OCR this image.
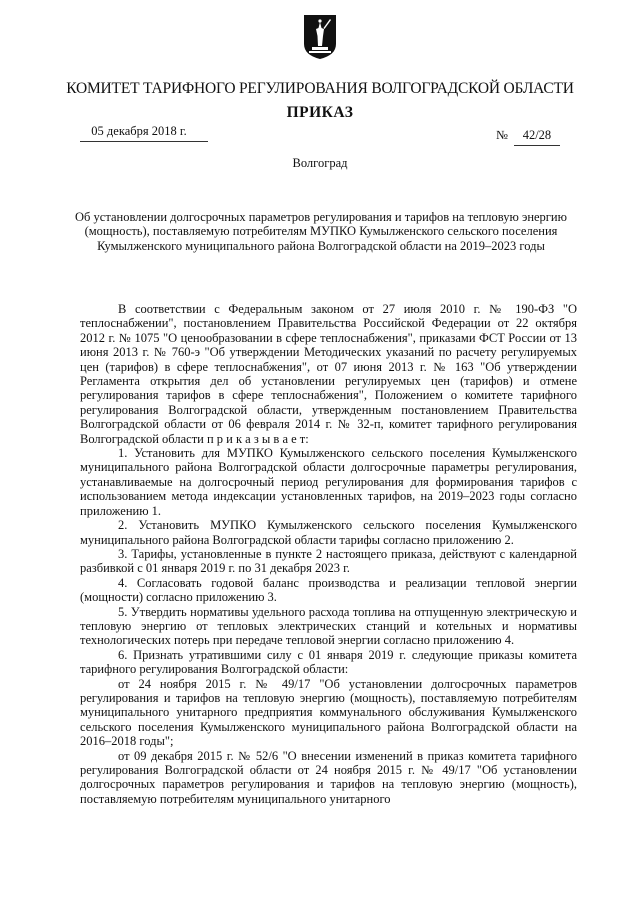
КОМИТЕТ ТАРИФНОГО РЕГУЛИРОВАНИЯ ВОЛГОГРАДСКОЙ ОБЛАСТИ
ПРИКАЗ
05 декабря 2018 г.	№ 42/28
Волгоград
Об установлении долгосрочных параметров регулирования и тарифов на тепловую энергию (мощность), поставляемую потребителям МУПКО Кумылженского сельского поселения Кумылженского муниципального района Волгоградской области на 2019–2023 годы

В соответствии с Федеральным законом от 27 июля 2010 г. № 190-ФЗ "О теплоснабжении", постановлением Правительства Российской Федерации от 22 октября 2012 г. № 1075 "О ценообразовании в сфере теплоснабжения", приказами ФСТ России от 13 июня 2013 г. № 760-э "Об утверждении Методических указаний по расчету регулируемых цен (тарифов) в сфере теплоснабжения", от 07 июня 2013 г. № 163 "Об утверждении Регламента открытия дел об установлении регулируемых цен (тарифов) и отмене регулирования тарифов в сфере теплоснабжения", Положением о комитете тарифного регулирования Волгоградской области, утвержденным постановлением Правительства Волгоградской области от 06 февраля 2014 г. № 32-п, комитет тарифного регулирования Волгоградской области п р и к а з ы в а е т:

1. Установить для МУПКО Кумылженского сельского поселения Кумылженского муниципального района Волгоградской области долгосрочные параметры регулирования, устанавливаемые на долгосрочный период регулирования для формирования тарифов с использованием метода индексации установленных тарифов, на 2019–2023 годы согласно приложению 1.

2. Установить МУПКО Кумылженского сельского поселения Кумылженского муниципального района Волгоградской области тарифы согласно приложению 2.

3. Тарифы, установленные в пункте 2 настоящего приказа, действуют с календарной разбивкой с 01 января 2019 г. по 31 декабря 2023 г.

4. Согласовать годовой баланс производства и реализации тепловой энергии (мощности) согласно приложению 3.

5. Утвердить нормативы удельного расхода топлива на отпущенную электрическую и тепловую энергию от тепловых электрических станций и котельных и нормативы технологических потерь при передаче тепловой энергии согласно приложению 4.

6. Признать утратившими силу с 01 января 2019 г. следующие приказы комитета тарифного регулирования Волгоградской области:

от 24 ноября 2015 г. № 49/17 "Об установлении долгосрочных параметров регулирования и тарифов на тепловую энергию (мощность), поставляемую потребителям муниципального унитарного предприятия коммунального обслуживания Кумылженского сельского поселения Кумылженского муниципального района Волгоградской области на 2016–2018 годы";

от 09 декабря 2015 г. № 52/6 "О внесении изменений в приказ комитета тарифного регулирования Волгоградской области от 24 ноября 2015 г. № 49/17 "Об установлении долгосрочных параметров регулирования и тарифов на тепловую энергию (мощность), поставляемую потребителям муниципального унитарного
